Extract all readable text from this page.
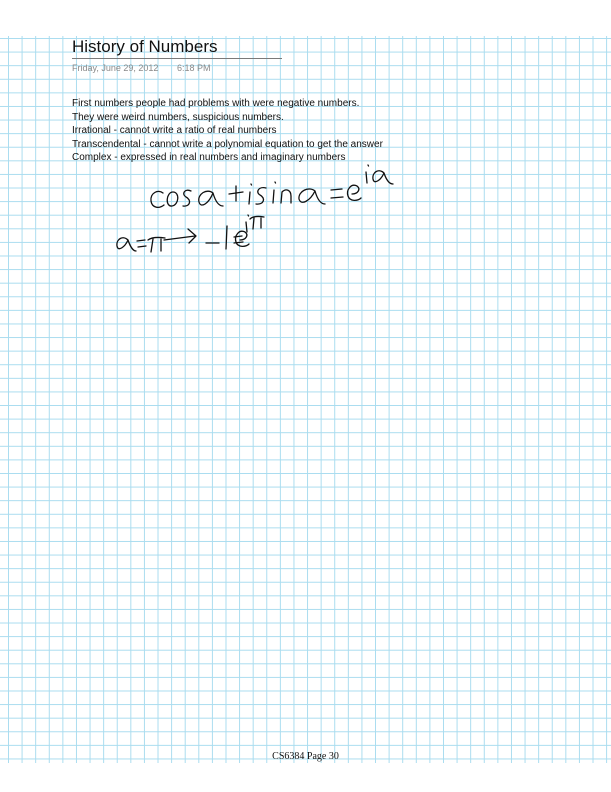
History of Numbers
Friday, June 29, 2012 6:18 PM
First numbers people had problems with were negative numbers.
They were weird numbers, suspicious numbers.
Irrational - cannot write a ratio of real numbers
Transcendental - cannot write a polynomial equation to get the answer
Complex - expressed in real numbers and imaginary numbers
CS6384 Page 30
